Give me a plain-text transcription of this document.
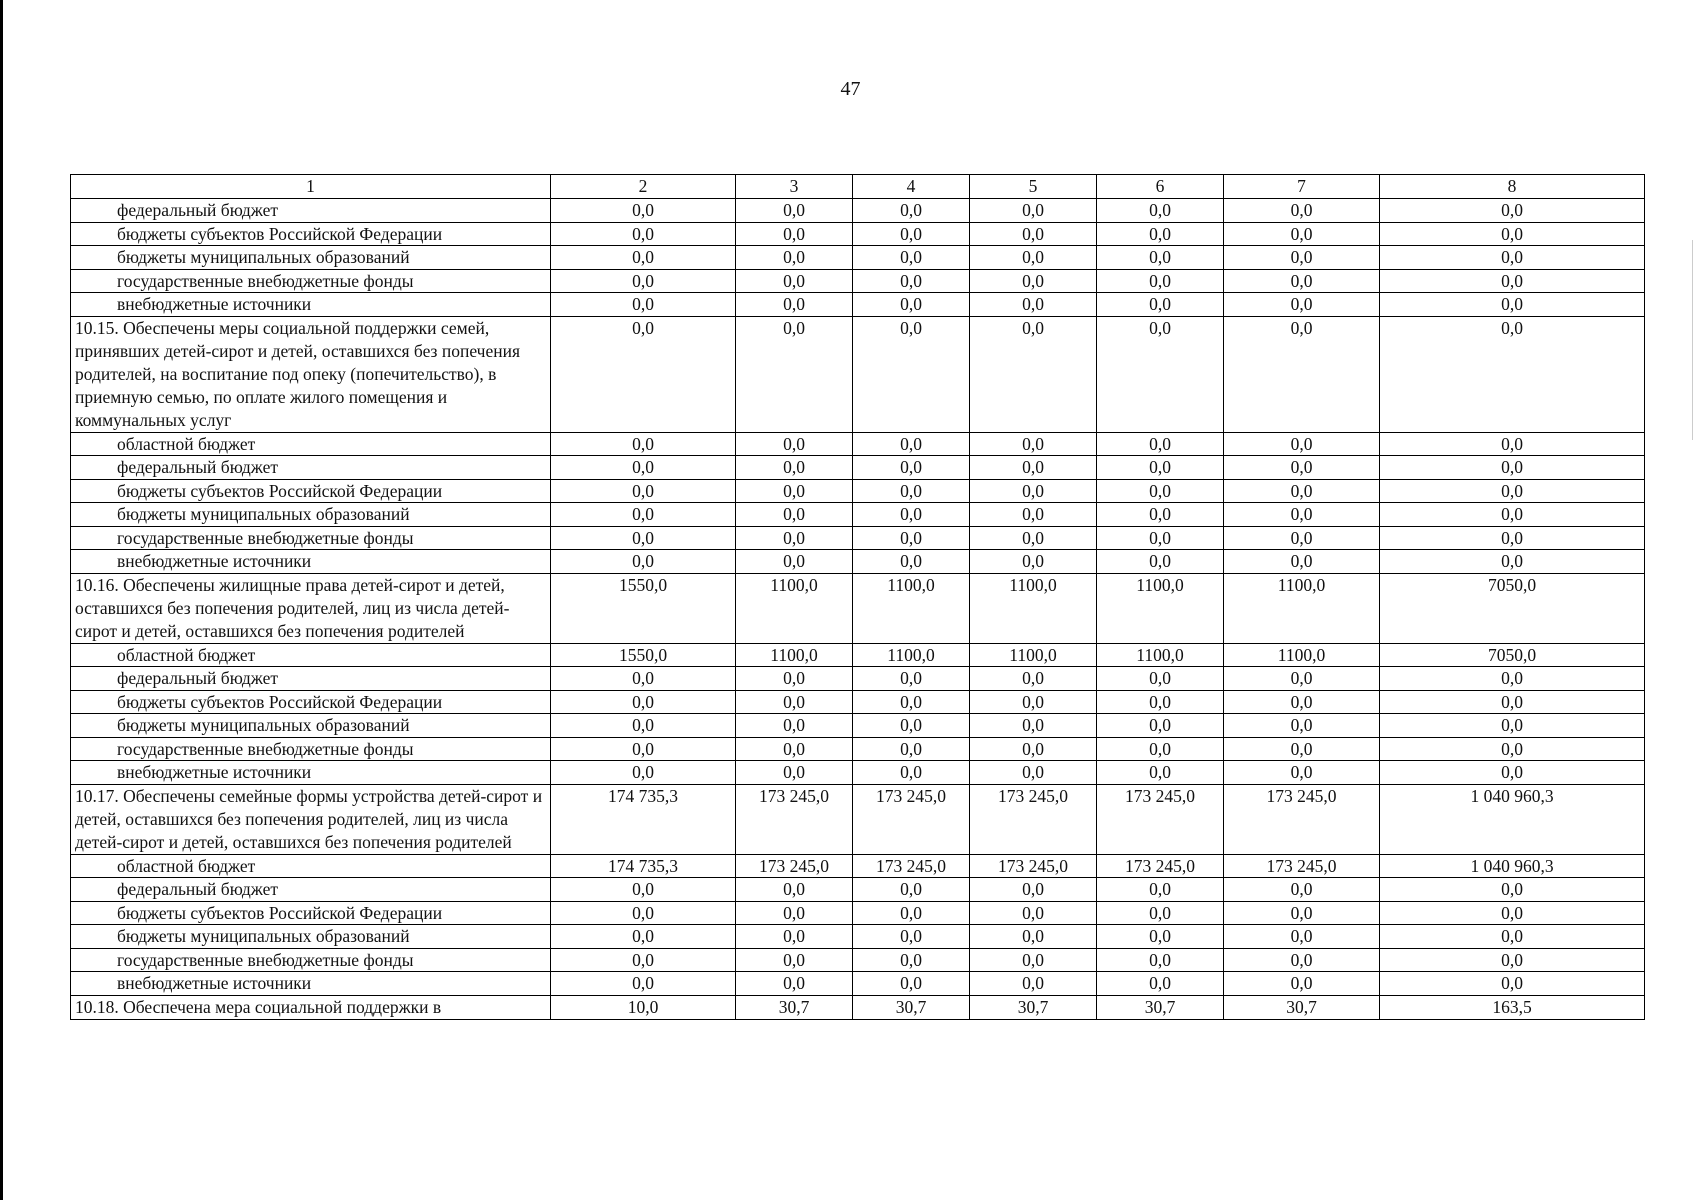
47
1	2	3	4	5	6	7	8
федеральный бюджет	0,0	0,0	0,0	0,0	0,0	0,0	0,0
бюджеты субъектов Российской Федерации	0,0	0,0	0,0	0,0	0,0	0,0	0,0
бюджеты муниципальных образований	0,0	0,0	0,0	0,0	0,0	0,0	0,0
государственные внебюджетные фонды	0,0	0,0	0,0	0,0	0,0	0,0	0,0
внебюджетные источники	0,0	0,0	0,0	0,0	0,0	0,0	0,0
10.15. Обеспечены меры социальной поддержки семей, принявших детей-сирот и детей, оставшихся без попечения родителей, на воспитание под опеку (попечительство), в приемную семью, по оплате жилого помещения и коммунальных услуг	0,0	0,0	0,0	0,0	0,0	0,0	0,0
областной бюджет	0,0	0,0	0,0	0,0	0,0	0,0	0,0
федеральный бюджет	0,0	0,0	0,0	0,0	0,0	0,0	0,0
бюджеты субъектов Российской Федерации	0,0	0,0	0,0	0,0	0,0	0,0	0,0
бюджеты муниципальных образований	0,0	0,0	0,0	0,0	0,0	0,0	0,0
государственные внебюджетные фонды	0,0	0,0	0,0	0,0	0,0	0,0	0,0
внебюджетные источники	0,0	0,0	0,0	0,0	0,0	0,0	0,0
10.16. Обеспечены жилищные права детей-сирот и детей, оставшихся без попечения родителей, лиц из числа детей-сирот и детей, оставшихся без попечения родителей	1550,0	1100,0	1100,0	1100,0	1100,0	1100,0	7050,0
областной бюджет	1550,0	1100,0	1100,0	1100,0	1100,0	1100,0	7050,0
федеральный бюджет	0,0	0,0	0,0	0,0	0,0	0,0	0,0
бюджеты субъектов Российской Федерации	0,0	0,0	0,0	0,0	0,0	0,0	0,0
бюджеты муниципальных образований	0,0	0,0	0,0	0,0	0,0	0,0	0,0
государственные внебюджетные фонды	0,0	0,0	0,0	0,0	0,0	0,0	0,0
внебюджетные источники	0,0	0,0	0,0	0,0	0,0	0,0	0,0
10.17. Обеспечены семейные формы устройства детей-сирот и детей, оставшихся без попечения родителей, лиц из числа детей-сирот и детей, оставшихся без попечения родителей	174 735,3	173 245,0	173 245,0	173 245,0	173 245,0	173 245,0	1 040 960,3
областной бюджет	174 735,3	173 245,0	173 245,0	173 245,0	173 245,0	173 245,0	1 040 960,3
федеральный бюджет	0,0	0,0	0,0	0,0	0,0	0,0	0,0
бюджеты субъектов Российской Федерации	0,0	0,0	0,0	0,0	0,0	0,0	0,0
бюджеты муниципальных образований	0,0	0,0	0,0	0,0	0,0	0,0	0,0
государственные внебюджетные фонды	0,0	0,0	0,0	0,0	0,0	0,0	0,0
внебюджетные источники	0,0	0,0	0,0	0,0	0,0	0,0	0,0
10.18. Обеспечена мера социальной поддержки в	10,0	30,7	30,7	30,7	30,7	30,7	163,5
